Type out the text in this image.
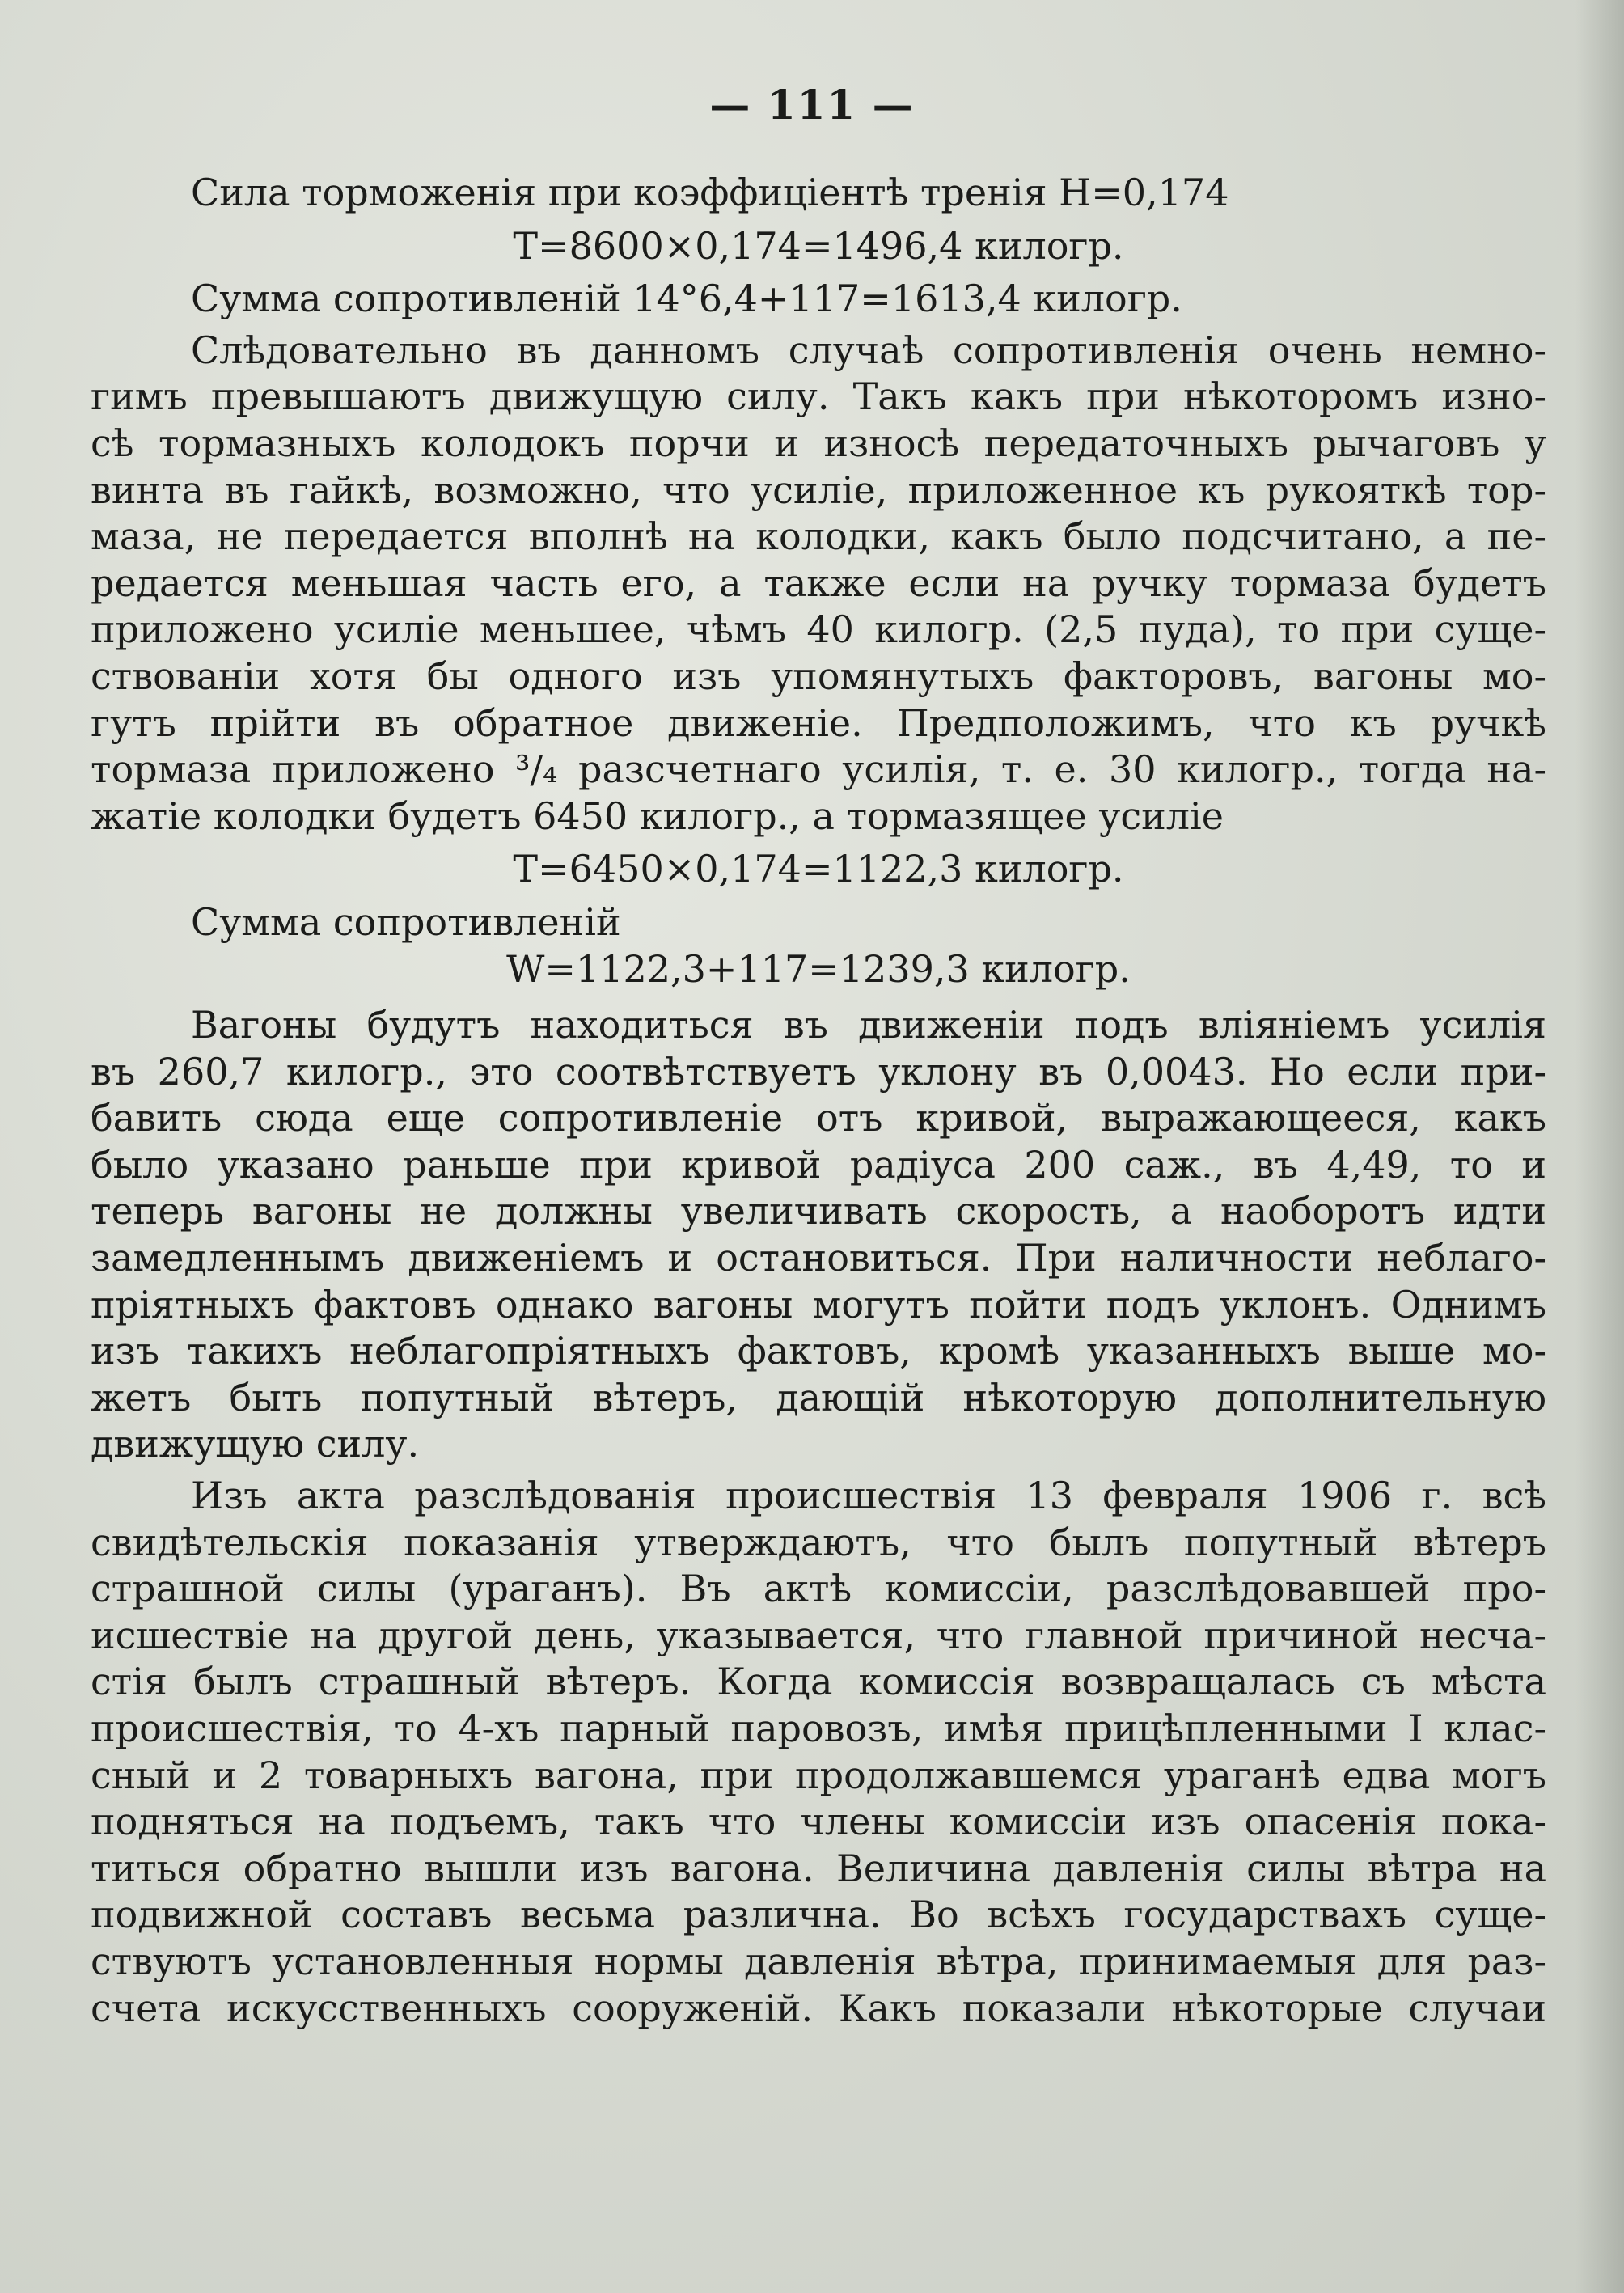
— 111 —
Сила торможенія при коэффиціентѣ тренія H=0,174
T=8600×0,174=1496,4 килогр.
Сумма сопротивленій 14°6,4+117=1613,4 килогр.
Слѣдовательно въ данномъ случаѣ сопротивленія очень немно-
гимъ превышаютъ движущую силу. Такъ какъ при нѣкоторомъ изно-
сѣ тормазныхъ колодокъ порчи и износѣ передаточныхъ рычаговъ у
винта въ гайкѣ, возможно, что усиліе, приложенное къ рукояткѣ тор-
маза, не передается вполнѣ на колодки, какъ было подсчитано, а пе-
редается меньшая часть его, а также если на ручку тормаза будетъ
приложено усиліе меньшее, чѣмъ 40 килогр. (2,5 пуда), то при суще-
ствованіи хотя бы одного изъ упомянутыхъ факторовъ, вагоны мо-
гутъ прійти въ обратное движеніе. Предположимъ, что къ ручкѣ
тормаза приложено ³/₄ разсчетнаго усилія, т. е. 30 килогр., тогда на-
жатіе колодки будетъ 6450 килогр., а тормазящее усиліе
T=6450×0,174=1122,3 килогр.
Сумма сопротивленій
W=1122,3+117=1239,3 килогр.
Вагоны будутъ находиться въ движеніи подъ вліяніемъ усилія
въ 260,7 килогр., это соотвѣтствуетъ уклону въ 0,0043. Но если при-
бавить сюда еще сопротивленіе отъ кривой, выражающееся, какъ
было указано раньше при кривой радіуса 200 саж., въ 4,49, то и
теперь вагоны не должны увеличивать скорость, а наоборотъ идти
замедленнымъ движеніемъ и остановиться. При наличности неблаго-
пріятныхъ фактовъ однако вагоны могутъ пойти подъ уклонъ. Однимъ
изъ такихъ неблагопріятныхъ фактовъ, кромѣ указанныхъ выше мо-
жетъ быть попутный вѣтеръ, дающій нѣкоторую дополнительную
движущую силу.
Изъ акта разслѣдованія происшествія 13 февраля 1906 г. всѣ
свидѣтельскія показанія утверждаютъ, что былъ попутный вѣтеръ
страшной силы (ураганъ). Въ актѣ комиссіи, разслѣдовавшей про-
исшествіе на другой день, указывается, что главной причиной несча-
стія былъ страшный вѣтеръ. Когда комиссія возвращалась съ мѣста
происшествія, то 4-хъ парный паровозъ, имѣя прицѣпленными I клас-
сный и 2 товарныхъ вагона, при продолжавшемся ураганѣ едва могъ
подняться на подъемъ, такъ что члены комиссіи изъ опасенія пока-
титься обратно вышли изъ вагона. Величина давленія силы вѣтра на
подвижной составъ весьма различна. Во всѣхъ государствахъ суще-
ствуютъ установленныя нормы давленія вѣтра, принимаемыя для раз-
счета искусственныхъ сооруженій. Какъ показали нѣкоторые случаи
